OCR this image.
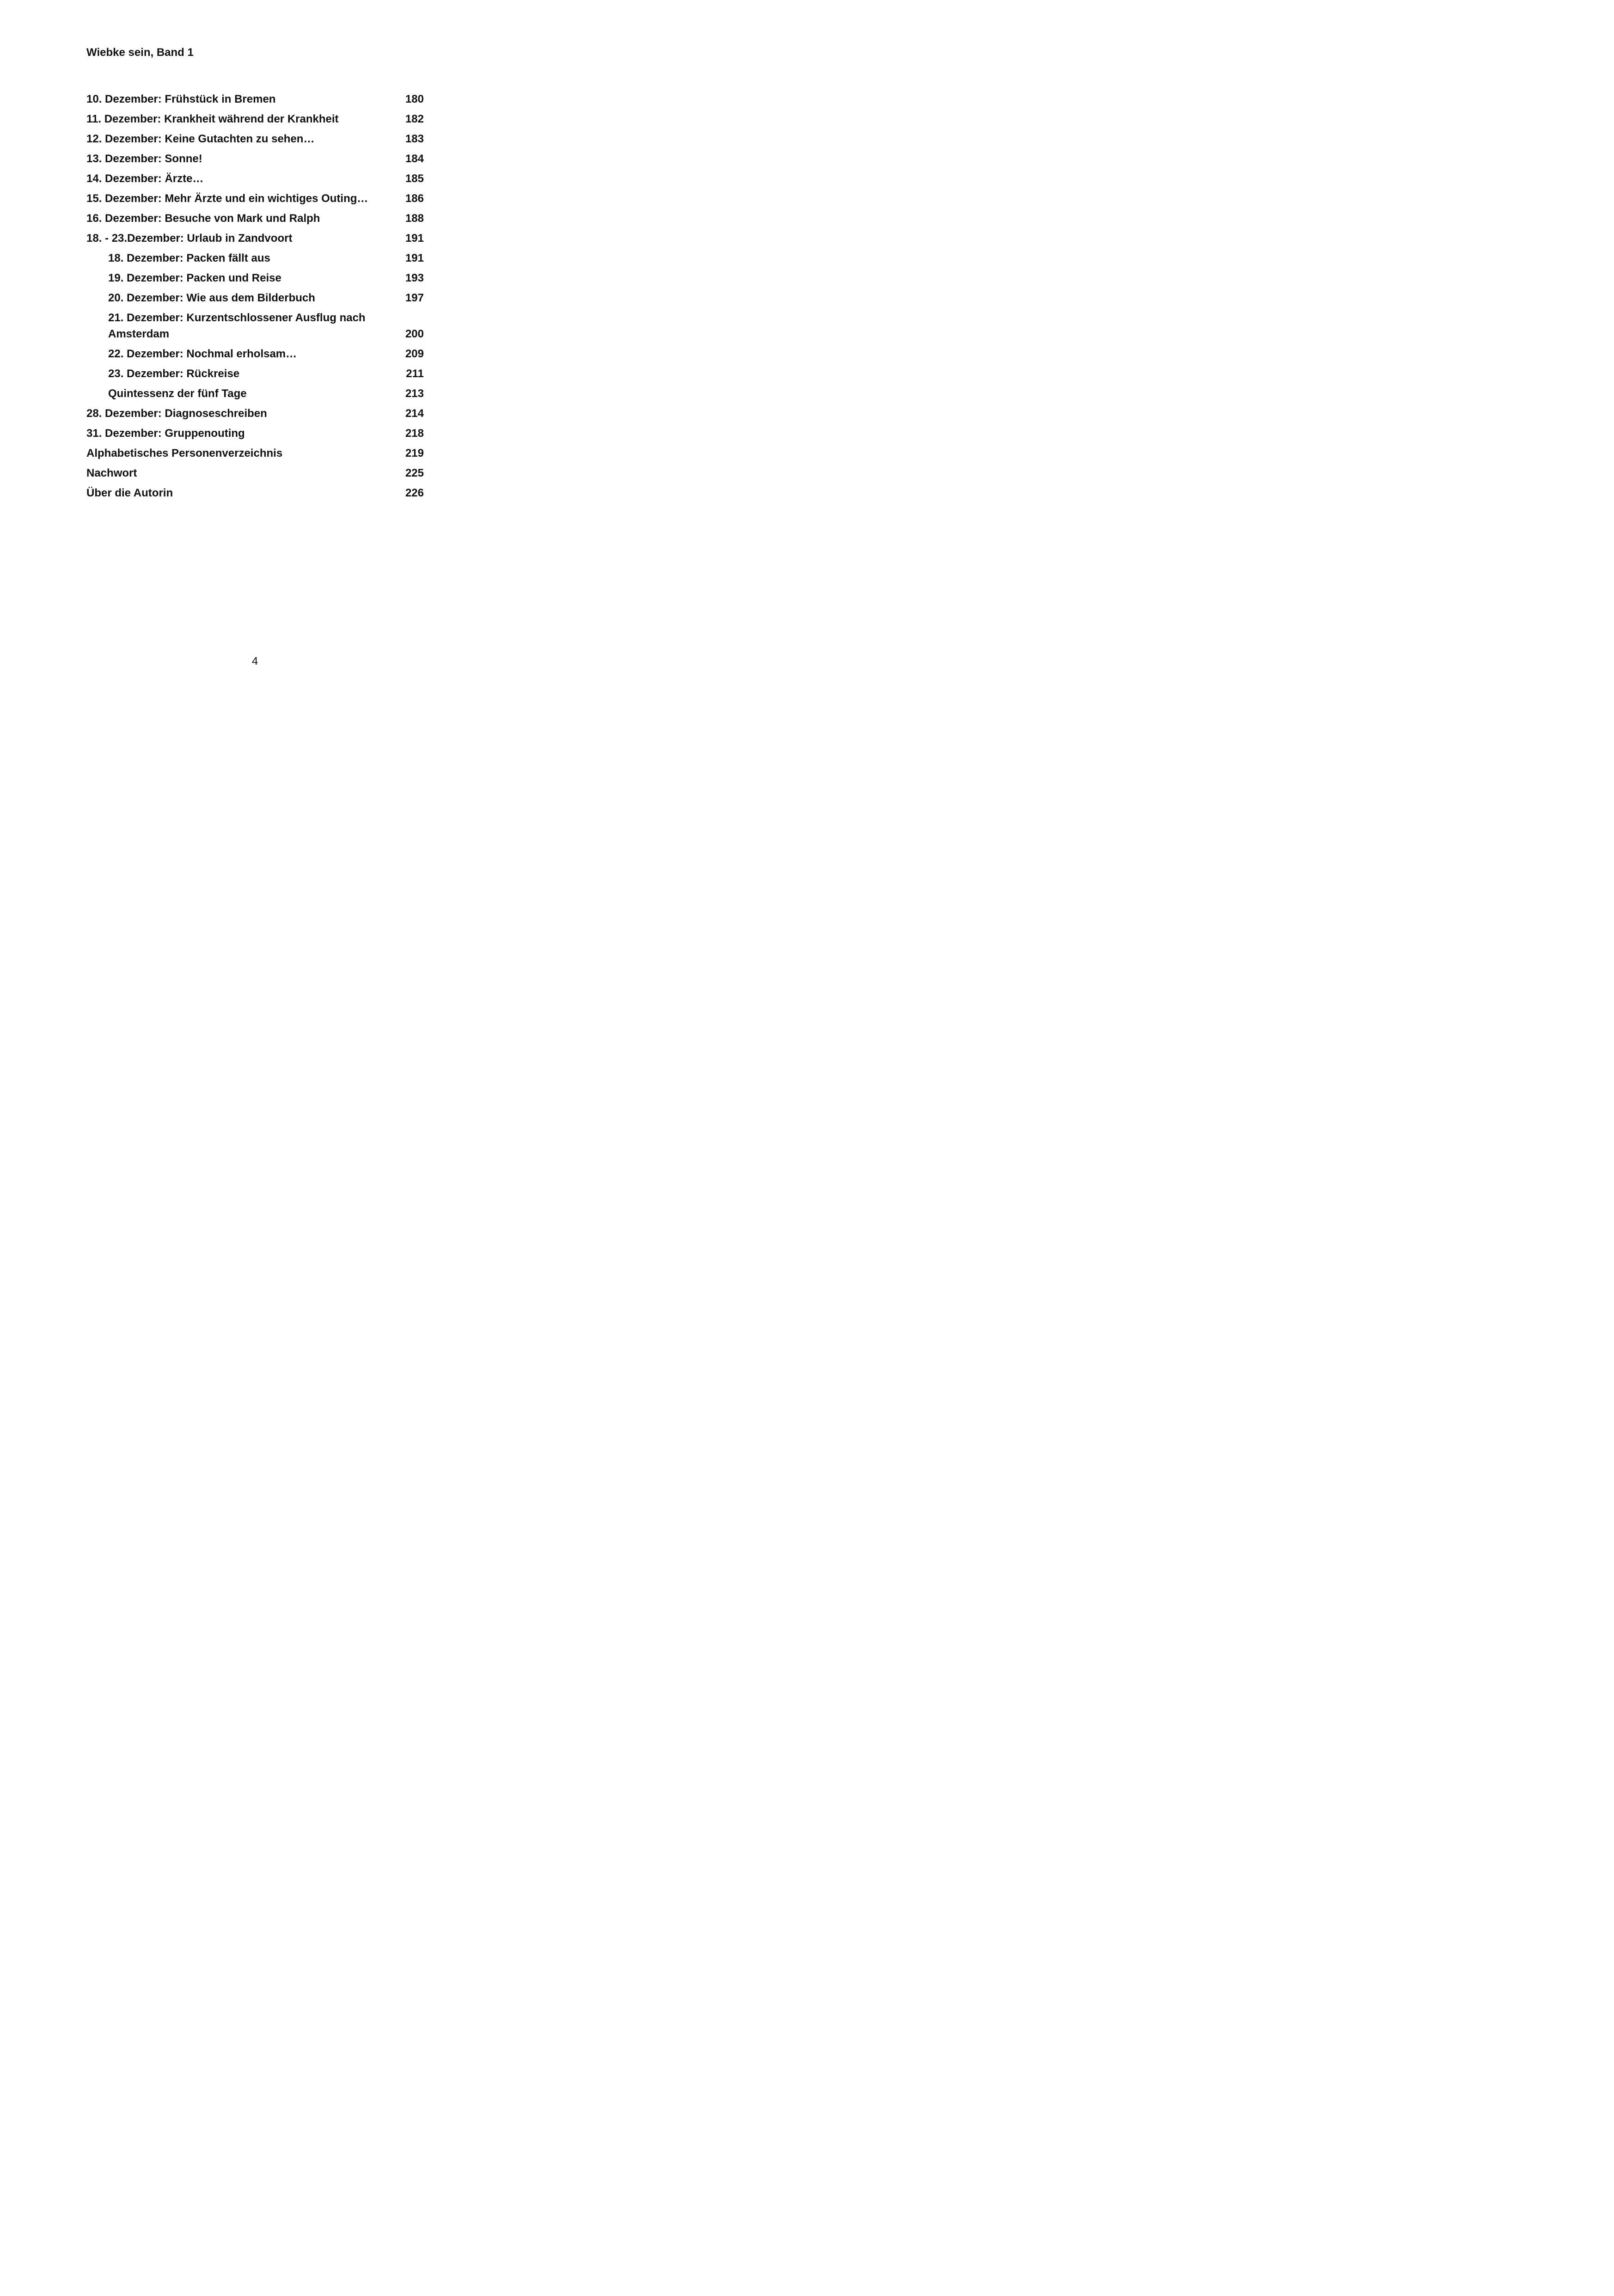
Wiebke sein, Band 1
10. Dezember: Frühstück in Bremen	180
11. Dezember: Krankheit während der Krankheit	182
12. Dezember: Keine Gutachten zu sehen…	183
13. Dezember: Sonne!	184
14. Dezember: Ärzte…	185
15. Dezember: Mehr Ärzte und ein wichtiges Outing…	186
16. Dezember: Besuche von Mark und Ralph	188
18. - 23.Dezember: Urlaub in Zandvoort	191
18. Dezember: Packen fällt aus	191
19. Dezember: Packen und Reise	193
20. Dezember: Wie aus dem Bilderbuch	197
21. Dezember: Kurzentschlossener Ausflug nach Amsterdam	200
22. Dezember: Nochmal erholsam…	209
23. Dezember: Rückreise	211
Quintessenz der fünf Tage	213
28. Dezember: Diagnoseschreiben	214
31. Dezember: Gruppenouting	218
Alphabetisches Personenverzeichnis	219
Nachwort	225
Über die Autorin	226
4
